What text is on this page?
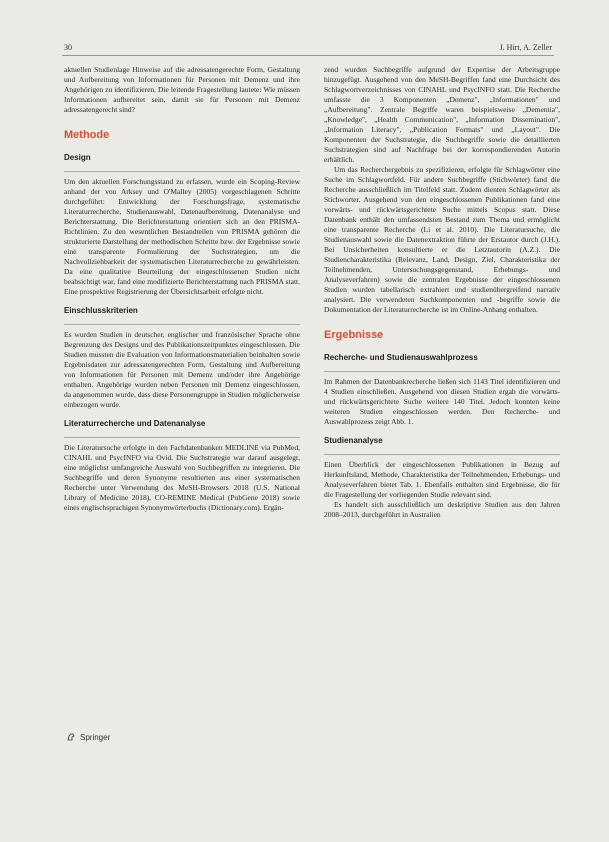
30	J. Hirt, A. Zeller

aktuellen Studienlage Hinweise auf die adressatengerechte Form, Gestaltung und Aufbereitung von Informationen für Personen mit Demenz und ihre Angehörigen zu identifizieren. Die leitende Fragestellung lautete: Wie müssen Informationen aufbereitet sein, damit sie für Personen mit Demenz adressatengerecht sind?

Methode
Design

Um den aktuellen Forschungsstand zu erfassen, wurde ein Scoping-Review anhand der von Arksey und O'Malley (2005) vorgeschlagenen Schritte durchgeführt: Entwicklung der Forschungsfrage, systematische Literaturrecherche, Studienauswahl, Datenaufbereitung, Datenanalyse und Berichterstattung. Die Berichterstattung orientiert sich an den PRISMA-Richtlinien. Zu den wesentlichen Bestandteilen von PRISMA gehören die strukturierte Darstellung der methodischen Schritte bzw. der Ergebnisse sowie eine transparente Formulierung der Suchstrategien, um die Nachvollziehbarkeit der systematischen Literaturrecherche zu gewährleisten. Da eine qualitative Beurteilung der eingeschlossenen Studien nicht beabsichtigt war, fand eine modifizierte Berichterstattung nach PRISMA statt. Eine prospektive Registrierung der Übersichtsarbeit erfolgte nicht.

Einschlusskriterien

Es wurden Studien in deutscher, englischer und französischer Sprache ohne Begrenzung des Designs und des Publikationszeitpunktes eingeschlossen. Die Studien mussten die Evaluation von Informationsmaterialien beinhalten sowie Ergebnisdaten zur adressatengerechten Form, Gestaltung und Aufbereitung von Informationen für Personen mit Demenz und/oder ihre Angehörige enthalten. Angehörige wurden neben Personen mit Demenz eingeschlossen, da angenommen wurde, dass diese Personengruppe in Studien möglicherweise einbezogen wurde.

Literaturrecherche und Datenanalyse

Die Literatursuche erfolgte in den Fachdatenbanken MEDLINE via PubMed, CINAHL und PsycINFO via Ovid. Die Suchstrategie war darauf ausgelegt, eine möglichst umfangreiche Auswahl von Suchbegriffen zu integrieren. Die Suchbegriffe und deren Synonyme resultierten aus einer systematischen Recherche unter Verwendung des MeSH-Browsers 2018 (U.S. National Library of Medicine 2018), CO-REMINE Medical (PubGene 2018) sowie eines englischsprachigen Synonymwörterbuchs (Dictionary.com). Ergän-

zend wurden Suchbegriffe aufgrund der Expertise der Arbeitsgruppe hinzugefügt. Ausgehend von den MeSH-Begriffen fand eine Durchsicht des Schlagwortverzeichnisses von CINAHL und PsycINFO statt. Die Recherche umfasste die 3 Komponenten „Demenz", „Informationen" und „Aufbereitung". Zentrale Begriffe waren beispielsweise „Dementia", „Knowledge", „Health Communication", „Information Dissemination", „Information Literacy", „Publication Formats" und „Layout". Die Komponenten der Suchstrategie, die Suchbegriffe sowie die detaillierten Suchstrategien sind auf Nachfrage bei der korrespondierenden Autorin erhältlich.

Um das Recherchergebnis zu spezifizieren, erfolgte für Schlagwörter eine Suche im Schlagwortfeld. Für andere Suchbegriffe (Stichwörter) fand die Recherche ausschließlich im Titelfeld statt. Zudem dienten Schlagwörter als Stichworter. Ausgehend von den eingeschlossenen Publikationen fand eine vorwärts- und rückwärtsgerichtete Suche mittels Scopus statt. Diese Datenbank enthält den umfassendsten Bestand zum Thema und ermöglicht eine transparente Recherche (Li et al. 2010). Die Literatursuche, die Studienauswahl sowie die Datenextraktion führte der Erstautor durch (J.H.). Bei Unsicherheiten konsultierte er die Letztautorin (A.Z.). Die Studiencharakteristika (Relevanz, Land, Design, Ziel, Charakteristika der Teilnehmenden, Untersuchungsgegenstand, Erhebungs- und Analyseverfahren) sowie die zentralen Ergebnisse der eingeschlossenen Studien wurden tabellarisch extrahiert und studienübergreifend narrativ analysiert. Die verwendeten Suchkomponenten und -begriffe sowie die Dokumentation der Literaturrecherche ist im Online-Anhang enthalten.

Ergebnisse
Recherche- und Studienauswahlprozess

Im Rahmen der Datenbankrecherche ließen sich 1143 Titel identifizieren und 4 Studien einschließen. Ausgehend von diesen Studien ergab die vorwärts- und rückwärtsgerichtete Suche weitere 140 Titel. Jedoch konnten keine weiteren Studien eingeschlossen werden. Den Recherche- und Auswahlprozess zeigt Abb. 1.

Studienanalyse

Einen Überblick der eingeschlossenen Publikationen in Bezug auf Herkunftsland, Methode, Charakteristika der Teilnehmenden, Erhebungs- und Analyseverfahren bietet Tab. 1. Ebenfalls enthalten sind Ergebnisse, die für die Fragestellung der vorliegenden Studie relevant sind.

Es handelt sich ausschließlich um deskriptive Studien aus den Jahren 2008–2013, durchgeführt in Australien

Springer
